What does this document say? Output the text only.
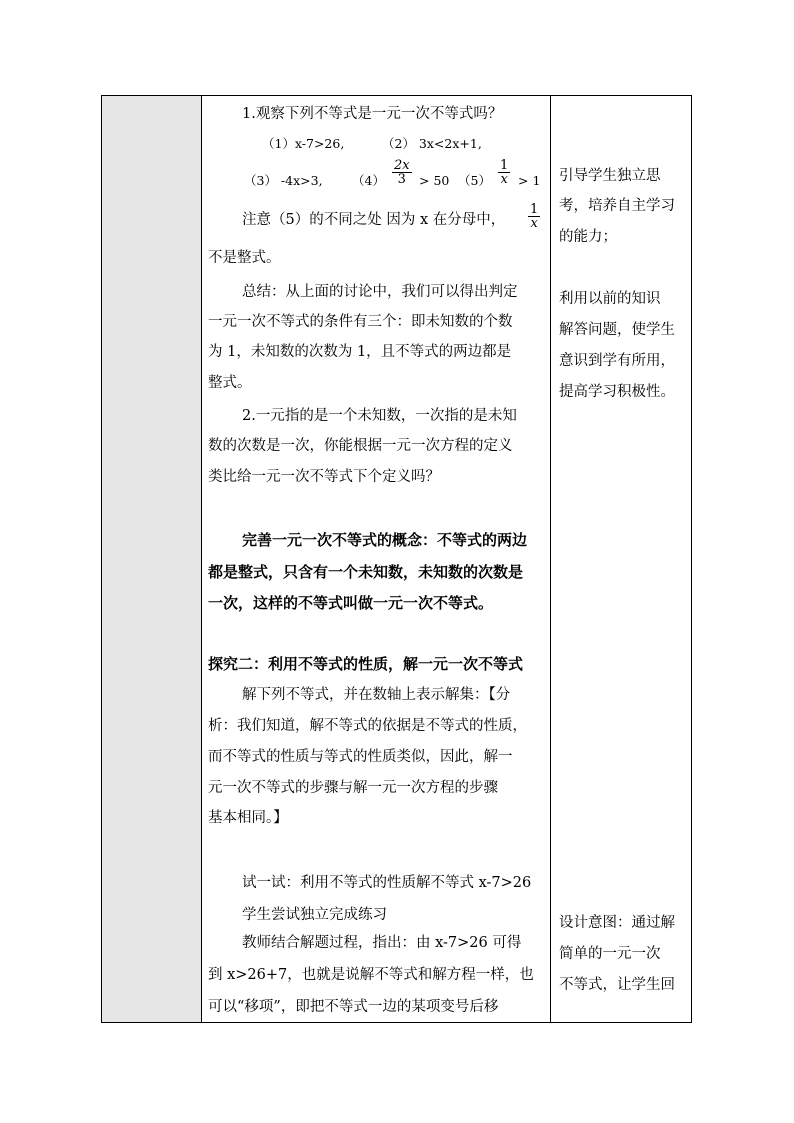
1.观察下列不等式是一元一次不等式吗？
（1）x-7>26,	（2） 3x<2x+1,
（3） -4x>3, $(4) \frac{2x}{3} > 50$ $(5) \frac{1}{x} > 1$
注意（5）的不同之处 因为 x 在分母中， $\frac{1}{x}$
不是整式。
总结：从上面的讨论中，我们可以得出判定
一元一次不等式的条件有三个：即未知数的个数
为 1，未知数的次数为 1，且不等式的两边都是
整式。
2.一元指的是一个未知数，一次指的是未知
数的次数是一次，你能根据一元一次方程的定义
类比给一元一次不等式下个定义吗？
完善一元一次不等式的概念：不等式的两边
都是整式，只含有一个未知数，未知数的次数是
一次，这样的不等式叫做一元一次不等式。
探究二：利用不等式的性质，解一元一次不等式
解下列不等式，并在数轴上表示解集：【分
析：我们知道，解不等式的依据是不等式的性质，
而不等式的性质与等式的性质类似，因此，解一
元一次不等式的步骤与解一元一次方程的步骤
基本相同。】
试一试：利用不等式的性质解不等式 x-7>26
学生尝试独立完成练习
教师结合解题过程，指出：由 x-7>26 可得
到 x>26+7，也就是说解不等式和解方程一样，也
可以“移项”，即把不等式一边的某项变号后移
引导学生独立思
考，培养自主学习
的能力；
利用以前的知识
解答问题，使学生
意识到学有所用，
提高学习积极性。
设计意图：通过解
简单的一元一次
不等式，让学生回
